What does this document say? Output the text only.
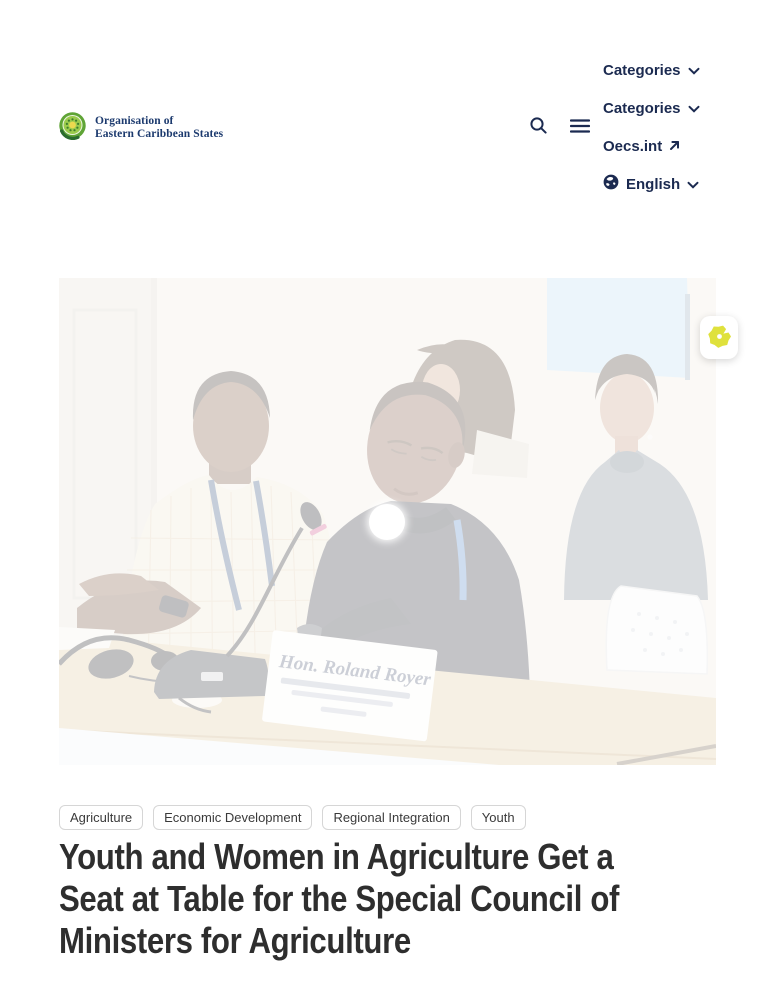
Organisation of
Eastern Caribbean States
Categories
Categories
Oecs.int
English
Agriculture	Economic Development	Regional Integration	Youth
Youth and Women in Agriculture Get a
Seat at Table for the Special Council of
Ministers for Agriculture
